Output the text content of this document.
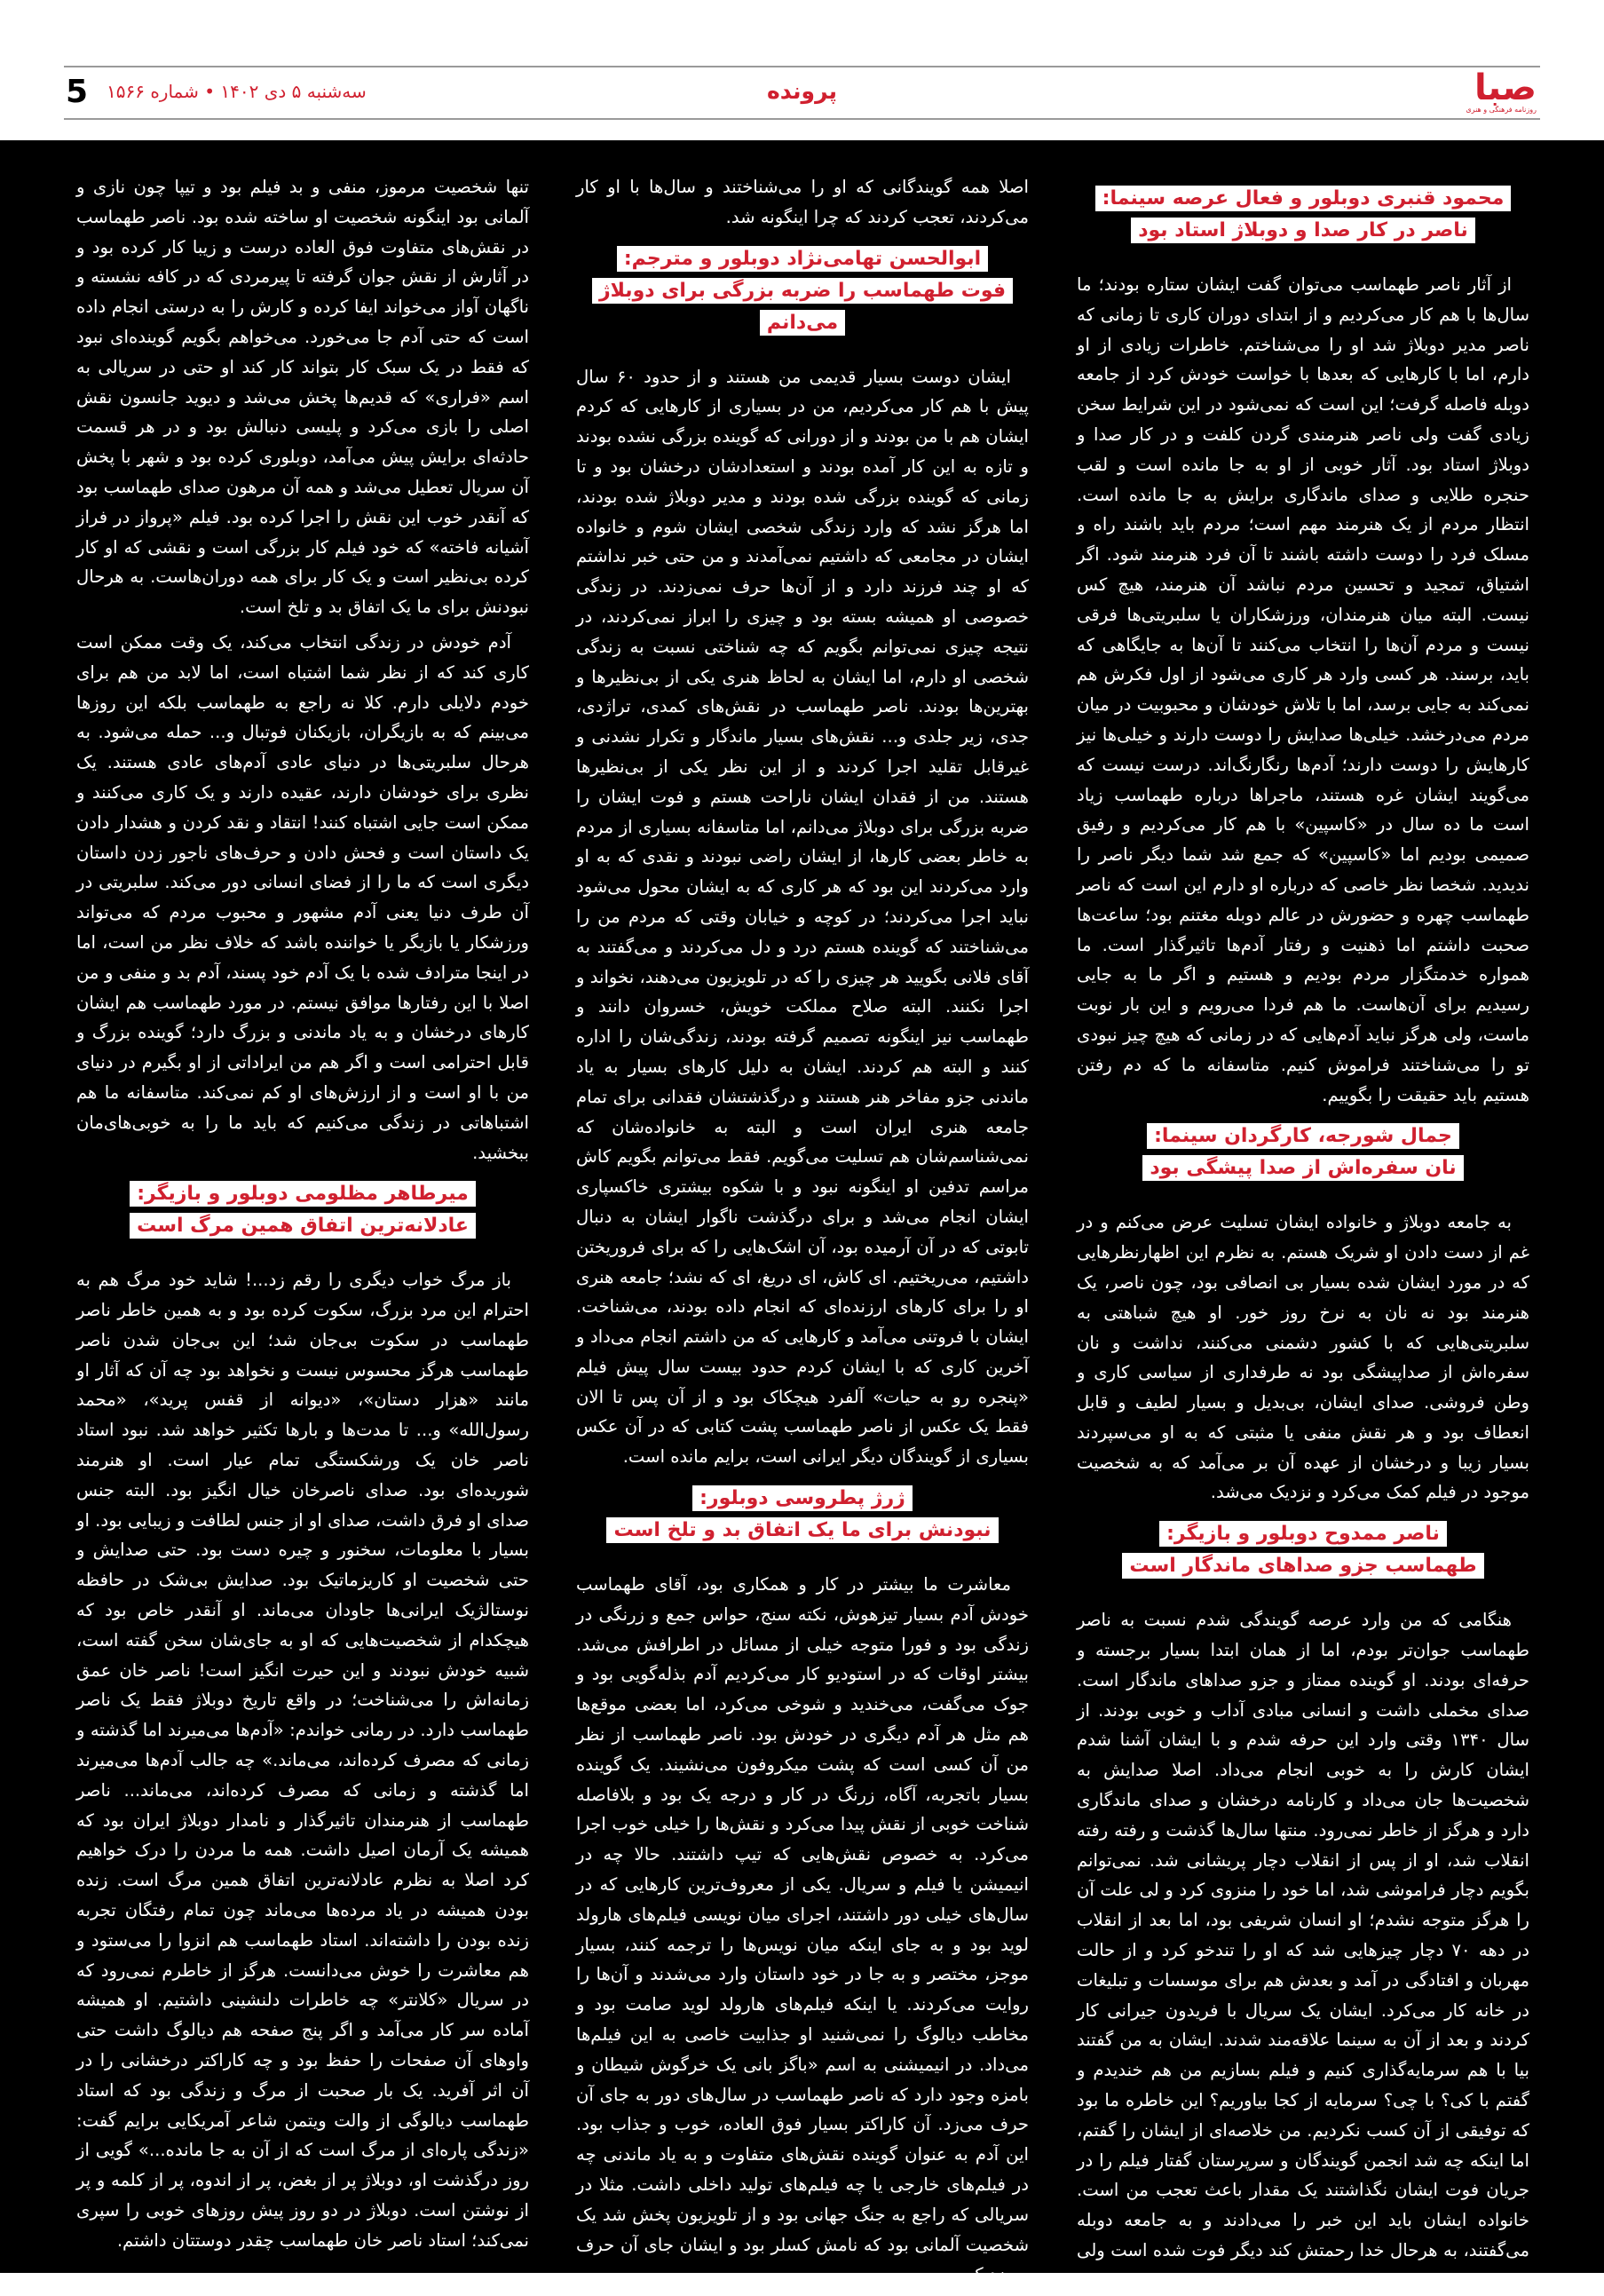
صبا
روزنامه فرهنگی و هنری
پرونده
سه‌شنبه ۵ دی ۱۴۰۲ • شماره ۱۵۶۶
5
محمود قنبری دوبلور و فعال عرصه سینما:
ناصر در کار صدا و دوبلاژ استاد بود

از آثار ناصر طهماسب می‌توان گفت ایشان ستاره بودند؛ ما سال‌ها با هم کار می‌کردیم و از ابتدای دوران کاری تا زمانی که ناصر مدیر دوبلاژ شد او را می‌شناختم. خاطرات زیادی از او دارم، اما با کارهایی که بعدها با خواست خودش کرد از جامعه دوبله فاصله گرفت؛ این است که نمی‌شود در این شرایط سخن زیادی گفت ولی ناصر هنرمندی گردن کلفت و در کار صدا و دوبلاژ استاد بود. آثار خوبی از او به جا مانده است و لقب حنجره طلایی و صدای ماندگاری برایش به جا مانده است. انتظار مردم از یک هنرمند مهم است؛ مردم باید باشند راه و مسلک فرد را دوست داشته باشند تا آن فرد هنرمند شود. اگر اشتیاق، تمجید و تحسین مردم نباشد آن هنرمند، هیچ کس نیست. البته میان هنرمندان، ورزشکاران یا سلبریتی‌ها فرقی نیست و مردم آن‌ها را انتخاب می‌کنند تا آن‌ها به جایگاهی که باید، برسند. هر کسی وارد هر کاری می‌شود از اول فکرش هم نمی‌کند به جایی برسد، اما با تلاش خودشان و محبوبیت در میان مردم می‌درخشد. خیلی‌ها صدایش را دوست دارند و خیلی‌ها نیز کارهایش را دوست دارند؛ آدم‌ها رنگارنگ‌اند. درست نیست که می‌گویند ایشان غره هستند، ماجراها درباره طهماسب زیاد است ما ده سال در «کاسپین» با هم کار می‌کردیم و رفیق صمیمی بودیم اما «کاسپین» که جمع شد شما دیگر ناصر را ندیدید. شخصا نظر خاصی که درباره او دارم این است که ناصر طهماسب چهره و حضورش در عالم دوبله مغتنم بود؛ ساعت‌ها صحبت داشتم اما ذهنیت و رفتار آدم‌ها تاثیرگذار است. ما همواره خدمتگزار مردم بودیم و هستیم و اگر ما به جایی رسیدیم برای آن‌هاست. ما هم فردا می‌رویم و این بار نوبت ماست، ولی هرگز نباید آدم‌هایی که در زمانی که هیچ چیز نبودی تو را می‌شناختند فراموش کنیم. متاسفانه ما که دم رفتن هستیم باید حقیقت را بگوییم.

جمال شورجه، کارگردان سینما:
نان سفره‌اش از صدا پیشگی بود

به جامعه دوبلاژ و خانواده ایشان تسلیت عرض می‌کنم و در غم از دست دادن او شریک هستم. به نظرم این اظهارنظرهایی که در مورد ایشان شده بسیار بی انصافی بود، چون ناصر، یک هنرمند بود نه نان به نرخ روز خور. او هیچ شباهتی به سلبریتی‌هایی که با کشور دشمنی می‌کنند، نداشت و نان سفره‌اش از صداپیشگی بود نه طرفداری از سیاسی کاری و وطن فروشی. صدای ایشان، بی‌بدیل و بسیار لطیف و قابل انعطاف بود و هر نقش منفی یا مثبتی که به او می‌سپردند بسیار زیبا و درخشان از عهده آن بر می‌آمد که به شخصیت موجود در فیلم کمک می‌کرد و نزدیک می‌شد.

ناصر ممدوح دوبلور و بازیگر:
طهماسب جزو صداهای ماندگار است

هنگامی که من وارد عرصه گویندگی شدم نسبت به ناصر طهماسب جوان‌تر بودم، اما از همان ابتدا بسیار برجسته و حرفه‌ای بودند. او گوینده ممتاز و جزو صداهای ماندگار است. صدای مخملی داشت و انسانی مبادی آداب و خوبی بودند. از سال ۱۳۴۰ وقتی وارد این حرفه شدم و با ایشان آشنا شدم ایشان کارش را به خوبی انجام می‌داد. اصلا صدایش به شخصیت‌ها جان می‌داد و کارنامه درخشان و صدای ماندگاری دارد و هرگز از خاطر نمی‌رود. منتها سال‌ها گذشت و رفته رفته انقلاب شد، او از پس از انقلاب دچار پریشانی شد. نمی‌توانم بگویم دچار فراموشی شد، اما خود را منزوی کرد و لی علت آن را هرگز متوجه نشدم؛ او انسان شریفی بود، اما بعد از انقلاب در دهه ۷۰ دچار چیزهایی شد که او را تندخو کرد و از حالت مهربان و افتادگی در آمد و بعدش هم برای موسسات و تبلیغات در خانه کار می‌کرد. ایشان یک سریال با فریدون جیرانی کار کردند و بعد از آن به سینما علاقه‌مند شدند. ایشان به من گفتند بیا با هم سرمایه‌گذاری کنیم و فیلم بسازیم من هم خندیدم و گفتم با کی؟ با چی؟ سرمایه از کجا بیاوریم؟ این خاطره ما بود که توفیقی از آن کسب نکردیم. من خلاصه‌ای از ایشان را گفتم، اما اینکه چه شد انجمن گویندگان و سرپرستان گفتار فیلم را در جریان فوت ایشان نگذاشتند یک مقدار باعث تعجب من است. خانواده ایشان باید این خبر را می‌دادند و به جامعه دوبله می‌گفتند، به هرحال خدا رحمتش کند دیگر فوت شده است ولی همه ما متعجب شدیم

اصلا همه گویندگانی که او را می‌شناختند و سال‌ها با او کار می‌کردند، تعجب کردند که چرا اینگونه شد.

ابوالحسن تهامی‌نژاد دوبلور و مترجم:
فوت طهماسب را ضربه بزرگی برای دوبلاژ می‌دانم

ایشان دوست بسیار قدیمی من هستند و از حدود ۶۰ سال پیش با هم کار می‌کردیم، من در بسیاری از کارهایی که کردم ایشان هم با من بودند و از دورانی که گوینده بزرگی نشده بودند و تازه به این کار آمده بودند و استعدادشان درخشان بود و تا زمانی که گوینده بزرگی شده بودند و مدیر دوبلاژ شده بودند، اما هرگز نشد که وارد زندگی شخصی ایشان شوم و خانواده ایشان در مجامعی که داشتیم نمی‌آمدند و من حتی خبر نداشتم که او چند فرزند دارد و از آن‌ها حرف نمی‌زدند. در زندگی خصوصی او همیشه بسته بود و چیزی را ابراز نمی‌کردند، در نتیجه چیزی نمی‌توانم بگویم که چه شناختی نسبت به زندگی شخصی او دارم، اما ایشان به لحاظ هنری یکی از بی‌نظیرها و بهترین‌ها بودند. ناصر طهماسب در نقش‌های کمدی، تراژدی، جدی، زیر جلدی و... نقش‌های بسیار ماندگار و تکرار نشدنی و غیرقابل تقلید اجرا کردند و از این نظر یکی از بی‌نظیرها هستند. من از فقدان ایشان ناراحت هستم و فوت ایشان را ضربه بزرگی برای دوبلاژ می‌دانم، اما متاسفانه بسیاری از مردم به خاطر بعضی کارها، از ایشان راضی نبودند و نقدی که به او وارد می‌کردند این بود که هر کاری که به ایشان محول می‌شود نباید اجرا می‌کردند؛ در کوچه و خیابان وقتی که مردم من را می‌شناختند که گوینده هستم درد و دل می‌کردند و می‌گفتند به آقای فلانی بگویید هر چیزی را که در تلویزیون می‌دهند، نخواند و اجرا نکنند. البته صلاح مملکت خویش، خسروان دانند و طهماسب نیز اینگونه تصمیم گرفته بودند، زندگی‌شان را اداره کنند و البته هم کردند. ایشان به دلیل کارهای بسیار به یاد ماندنی جزو مفاخر هنر هستند و درگذشتشان فقدانی برای تمام جامعه هنری ایران است و البته به خانواده‌شان که نمی‌شناسم‌شان هم تسلیت می‌گویم. فقط می‌توانم بگویم کاش مراسم تدفین او اینگونه نبود و با شکوه بیشتری خاکسپاری ایشان انجام می‌شد و برای درگذشت ناگوار ایشان به دنبال تابوتی که در آن آرمیده بود، آن اشک‌هایی را که برای فروریختن داشتیم، می‌ریختیم. ای کاش، ای دریغ، ای که نشد؛ جامعه هنری او را برای کارهای ارزنده‌ای که انجام داده بودند، می‌شناخت. ایشان با فروتنی می‌آمد و کارهایی که من داشتم انجام می‌داد و آخرین کاری که با ایشان کردم حدود بیست سال پیش فیلم «پنجره رو به حیات» آلفرد هیچکاک بود و از آن پس تا الان فقط یک عکس از ناصر طهماسب پشت کتابی که در آن عکس بسیاری از گویندگان دیگر ایرانی است، برایم مانده است.

ژرژ پطروسی دوبلور:
نبودنش برای ما یک اتفاق بد و تلخ است

معاشرت ما بیشتر در کار و همکاری بود، آقای طهماسب خودش آدم بسیار تیزهوش، نکته سنج، حواس جمع و زرنگی در زندگی بود و فورا متوجه خیلی از مسائل در اطرافش می‌شد. بیشتر اوقات که در استودیو کار می‌کردیم آدم بذله‌گویی بود و جوک می‌گفت، می‌خندید و شوخی می‌کرد، اما بعضی موقع‌ها هم مثل هر آدم دیگری در خودش بود. ناصر طهماسب از نظر من آن کسی است که پشت میکروفون می‌نشیند. یک گوینده بسیار باتجربه، آگاه، زرنگ در کار و درجه یک بود و بلافاصله شناخت خوبی از نقش پیدا می‌کرد و نقش‌ها را خیلی خوب اجرا می‌کرد. به خصوص نقش‌هایی که تیپ داشتند. حالا چه در انیمیشن یا فیلم و سریال. یکی از معروف‌ترین کارهایی که در سال‌های خیلی دور داشتند، اجرای میان نویسی فیلم‌های هارولد لوید بود و به جای اینکه میان نویس‌ها را ترجمه کنند، بسیار موجز، مختصر و به جا در خود داستان وارد می‌شدند و آن‌ها را روایت می‌کردند. یا اینکه فیلم‌های هارولد لوید صامت بود و مخاطب دیالوگ را نمی‌شنید او جذابیت خاصی به این فیلم‌ها می‌داد. در انیمیشنی به اسم «باگز بانی یک خرگوش شیطان و بامزه وجود دارد که ناصر طهماسب در سال‌های دور به جای آن حرف می‌زد. آن کاراکتر بسیار فوق العاده، خوب و جذاب بود. این آدم به عنوان گوینده نقش‌های متفاوت و به یاد ماندنی چه در فیلم‌های خارجی یا چه فیلم‌های تولید داخلی داشت. مثلا در سریالی که راجع به جنگ جهانی بود و از تلویزیون پخش شد یک شخصیت آلمانی بود که نامش کسلر بود و ایشان جای آن حرف می‌زد که

تنها شخصیت مرموز، منفی و بد فیلم بود و تیپا چون نازی و آلمانی بود اینگونه شخصیت او ساخته شده بود. ناصر طهماسب در نقش‌های متفاوت فوق العاده درست و زیبا کار کرده بود و در آثارش از نقش جوان گرفته تا پیرمردی که در کافه نشسته و ناگهان آواز می‌خواند ایفا کرده و کارش را به درستی انجام داده است که حتی آدم جا می‌خورد. می‌خواهم بگویم گوینده‌ای نبود که فقط در یک سبک کار بتواند کار کند او حتی در سریالی به اسم «فراری» که قدیم‌ها پخش می‌شد و دیوید جانسون نقش اصلی را بازی می‌کرد و پلیسی دنبالش بود و در هر قسمت حادثه‌ای برایش پیش می‌آمد، دوبلوری کرده بود و شهر با پخش آن سریال تعطیل می‌شد و همه آن مرهون صدای طهماسب بود که آنقدر خوب این نقش را اجرا کرده بود. فیلم «پرواز در فراز آشیانه فاخته» که خود فیلم کار بزرگی است و نقشی که او کار کرده بی‌نظیر است و یک کار برای همه دوران‌هاست. به هرحال نبودنش برای ما یک اتفاق بد و تلخ است.

آدم خودش در زندگی انتخاب می‌کند، یک وقت ممکن است کاری کند که از نظر شما اشتباه است، اما لابد من هم برای خودم دلایلی دارم. کلا نه راجع به طهماسب بلکه این روزها می‌بینم که به بازیگران، بازیکنان فوتبال و... حمله می‌شود. به هرحال سلبریتی‌ها در دنیای عادی آدم‌های عادی هستند. یک نظری برای خودشان دارند، عقیده دارند و یک کاری می‌کنند و ممکن است جایی اشتباه کنند! انتقاد و نقد کردن و هشدار دادن یک داستان است و فحش دادن و حرف‌های ناجور زدن داستان دیگری است که ما را از فضای انسانی دور می‌کند. سلبریتی در آن طرف دنیا یعنی آدم مشهور و محبوب مردم که می‌تواند ورزشکار یا بازیگر یا خواننده باشد که خلاف نظر من است، اما در اینجا مترادف شده با یک آدم خود پسند، آدم بد و منفی و من اصلا با این رفتارها موافق نیستم. در مورد طهماسب هم ایشان کارهای درخشان و به یاد ماندنی و بزرگ دارد؛ گوینده بزرگ و قابل احترامی است و اگر هم من ایراداتی از او بگیرم در دنیای من با او است و از ارزش‌های او کم نمی‌کند. متاسفانه ما هم اشتباهاتی در زندگی می‌کنیم که باید ما را به خوبی‌های‌مان ببخشید.

میرطاهر مظلومی دوبلور و بازیگر:
عادلانه‌ترین اتفاق همین مرگ است

باز مرگ خواب دیگری را رقم زد...! شاید خود مرگ هم به احترام این مرد بزرگ، سکوت کرده بود و به همین خاطر ناصر طهماسب در سکوت بی‌جان شد؛ این بی‌جان شدن ناصر طهماسب هرگز محسوس نیست و نخواهد بود چه آن که آثار او مانند «هزار دستان»، «دیوانه از قفس پرید»، «محمد رسول‌الله» و... تا مدت‌ها و بارها تکثیر خواهد شد. نبود استاد ناصر خان یک ورشکستگی تمام عیار است. او هنرمند شوریده‌ای بود. صدای ناصرخان خیال انگیز بود. البته جنس صدای او فرق داشت، صدای او از جنس لطافت و زیبایی بود. او بسیار با معلومات، سخنور و چیره دست بود. حتی صدایش و حتی شخصیت او کاریزماتیک بود. صدایش بی‌شک در حافظه نوستالژیک ایرانی‌ها جاودان می‌ماند. او آنقدر خاص بود که هیچکدام از شخصیت‌هایی که او به جای‌شان سخن گفته است، شبیه خودش نبودند و این حیرت انگیز است! ناصر خان عمق زمانه‌اش را می‌شناخت؛ در واقع تاریخ دوبلاژ فقط یک ناصر طهماسب دارد. در رمانی خواندم: «آدم‌ها می‌میرند اما گذشته و زمانی که مصرف کرده‌اند، می‌ماند.» چه جالب آدم‌ها می‌میرند اما گذشته و زمانی که مصرف کرده‌اند، می‌ماند... ناصر طهماسب از هنرمندان تاثیرگذار و نامدار دوبلاژ ایران بود که همیشه یک آرمان اصیل داشت. همه ما مردن را درک خواهیم کرد اصلا به نظرم عادلانه‌ترین اتفاق همین مرگ است. زنده بودن همیشه در یاد مرده‌ها می‌ماند چون تمام رفتگان تجربه زنده بودن را داشته‌اند. استاد طهماسب هم انزوا را می‌ستود و هم معاشرت را خوش می‌دانست. هرگز از خاطرم نمی‌رود که در سریال «کلانتر» چه خاطرات دلنشینی داشتیم. او همیشه آماده سر کار می‌آمد و اگر پنج صفحه هم دیالوگ داشت حتی واوهای آن صفحات را حفظ بود و چه کاراکتر درخشانی را در آن اثر آفرید. یک بار صحبت از مرگ و زندگی بود که استاد طهماسب دیالوگی از والت ویتمن شاعر آمریکایی برایم گفت: «زندگی پاره‌ای از مرگ است که از آن به جا مانده...» گویی از روز درگذشت او، دوبلاژ پر از بغض، پر از اندوه، پر از کلمه و پر از نوشتن است. دوبلاژ در دو روز پیش روزهای خوبی را سپری نمی‌کند؛ استاد ناصر خان طهماسب چقدر دوستتان داشتم.
